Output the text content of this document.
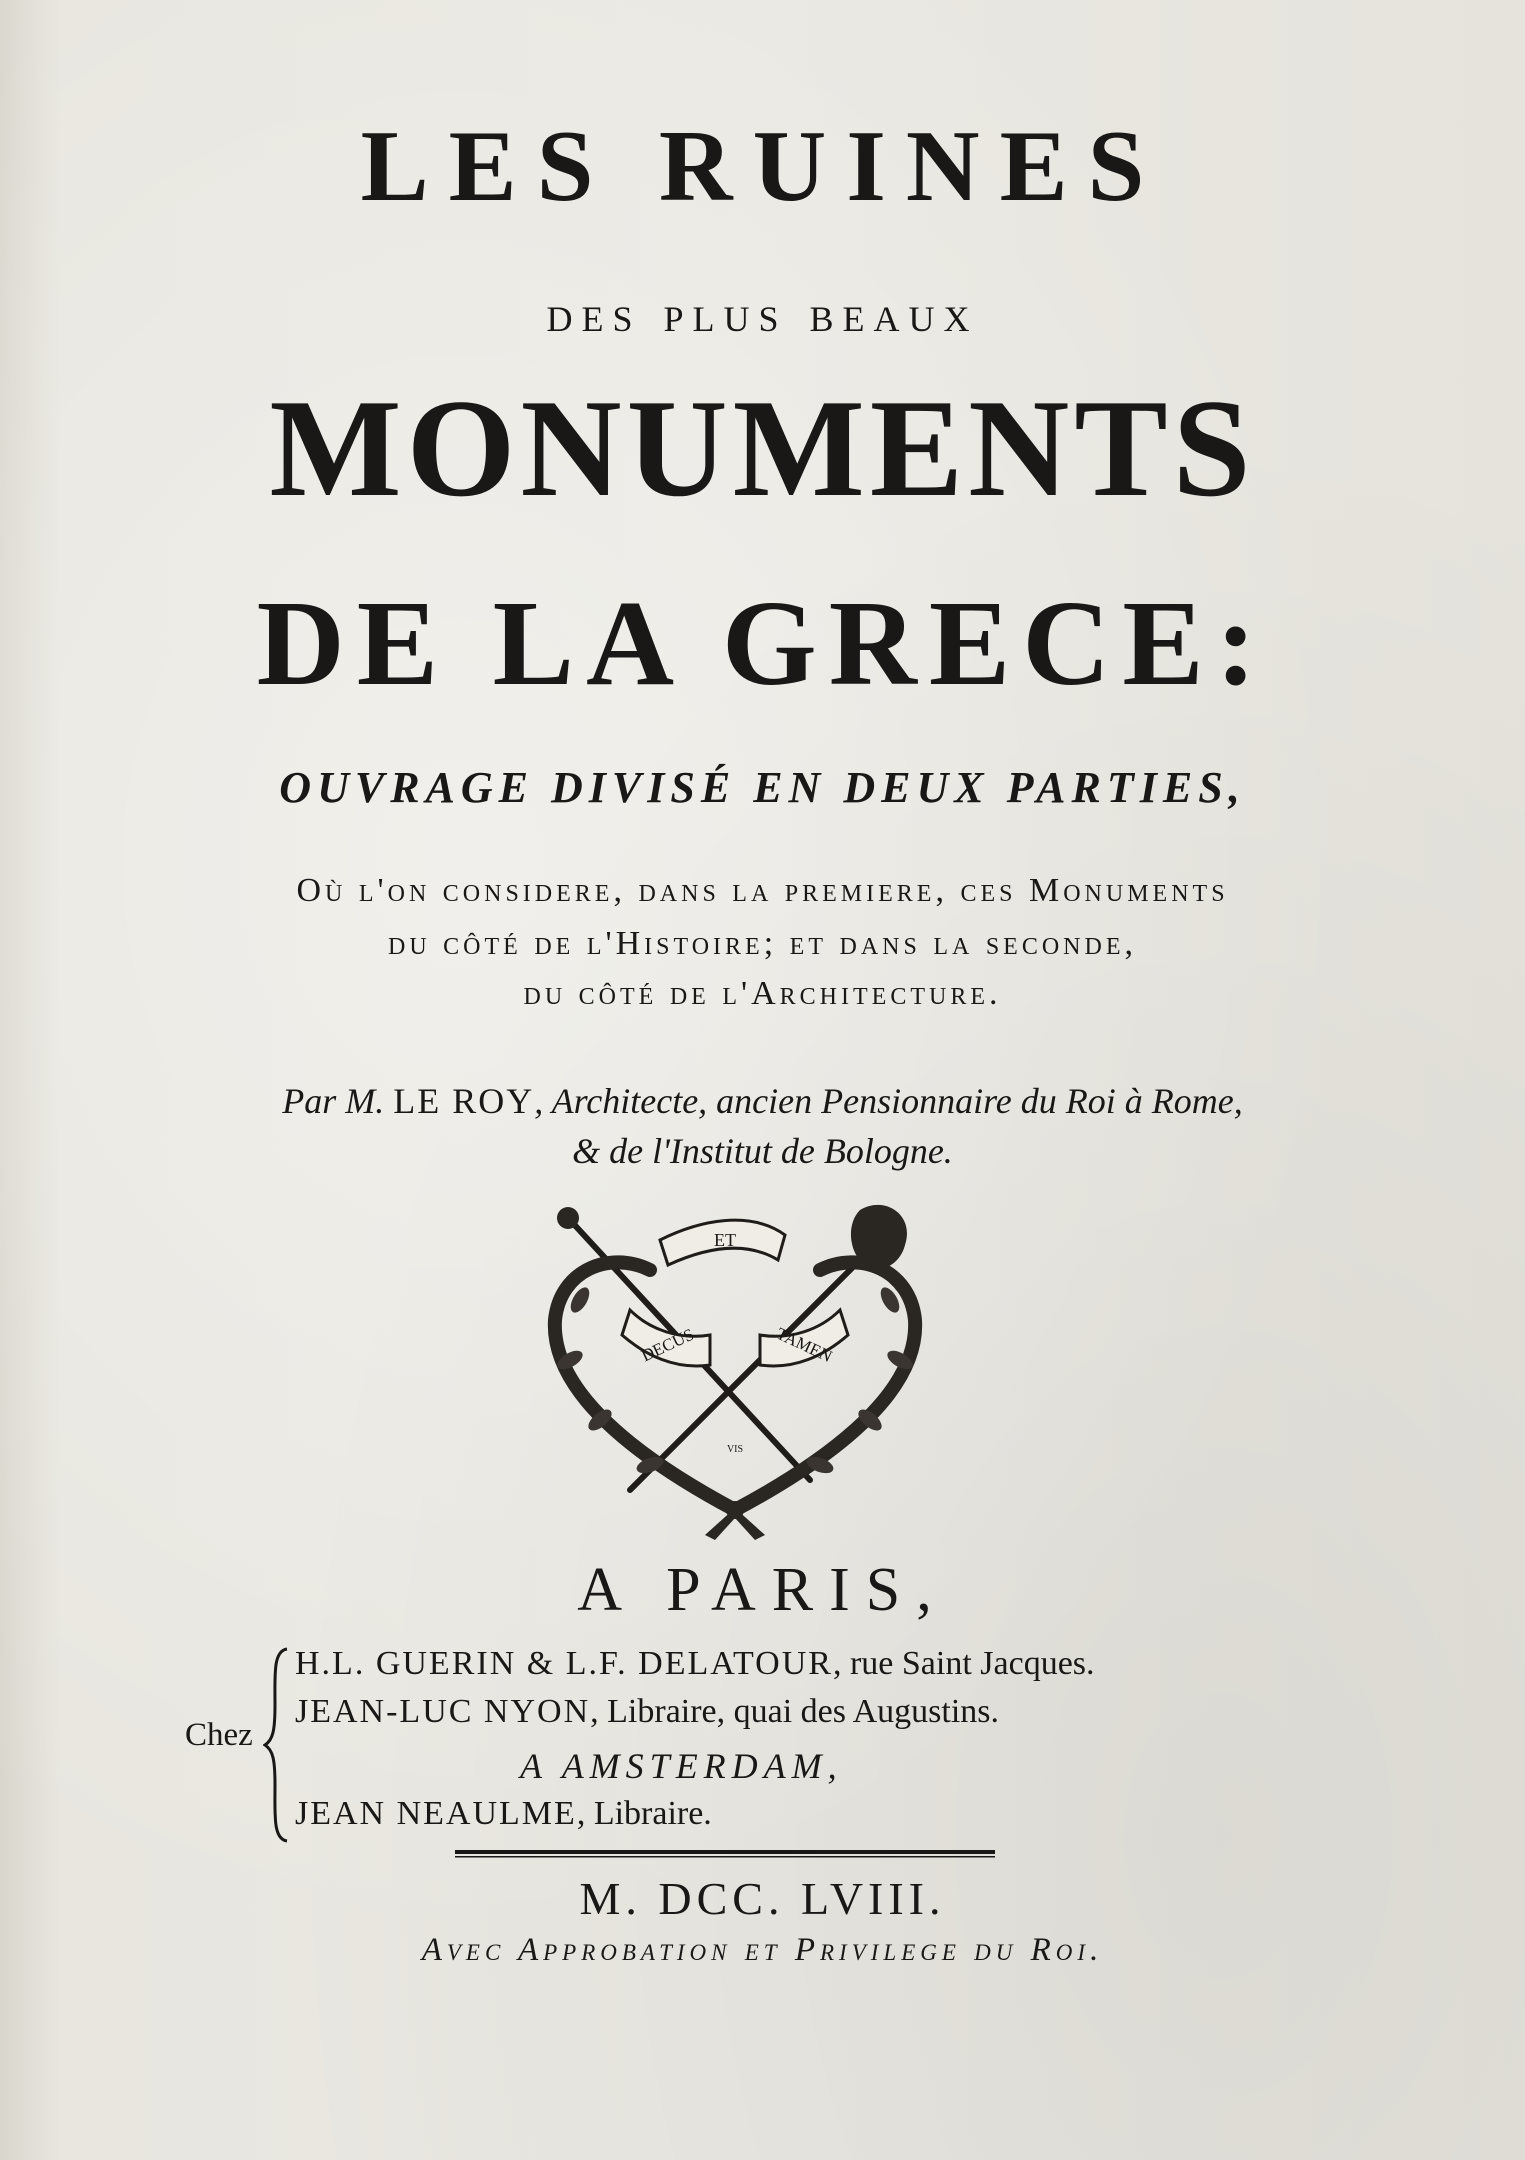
LES RUINES
des plus beaux
MONUMENTS
DE LA GRECE:
OUVRAGE DIVISÉ EN DEUX PARTIES,
Où l'on considere, dans la premiere, ces Monuments
du côté de l'Histoire; et dans la seconde,
du côté de l'Architecture.
Par M. LE ROY, Architecte, ancien Pensionnaire du Roi à Rome,
& de l'Institut de Bologne.
ET
DECUS	TAMEN
VIS
A PARIS,
Chez
H.L. GUERIN & L.F. DELATOUR, rue Saint Jacques.
JEAN-LUC NYON, Libraire, quai des Augustins.
A AMSTERDAM,
JEAN NEAULME, Libraire.
M. DCC. LVIII.
Avec Approbation et Privilege du Roi.
